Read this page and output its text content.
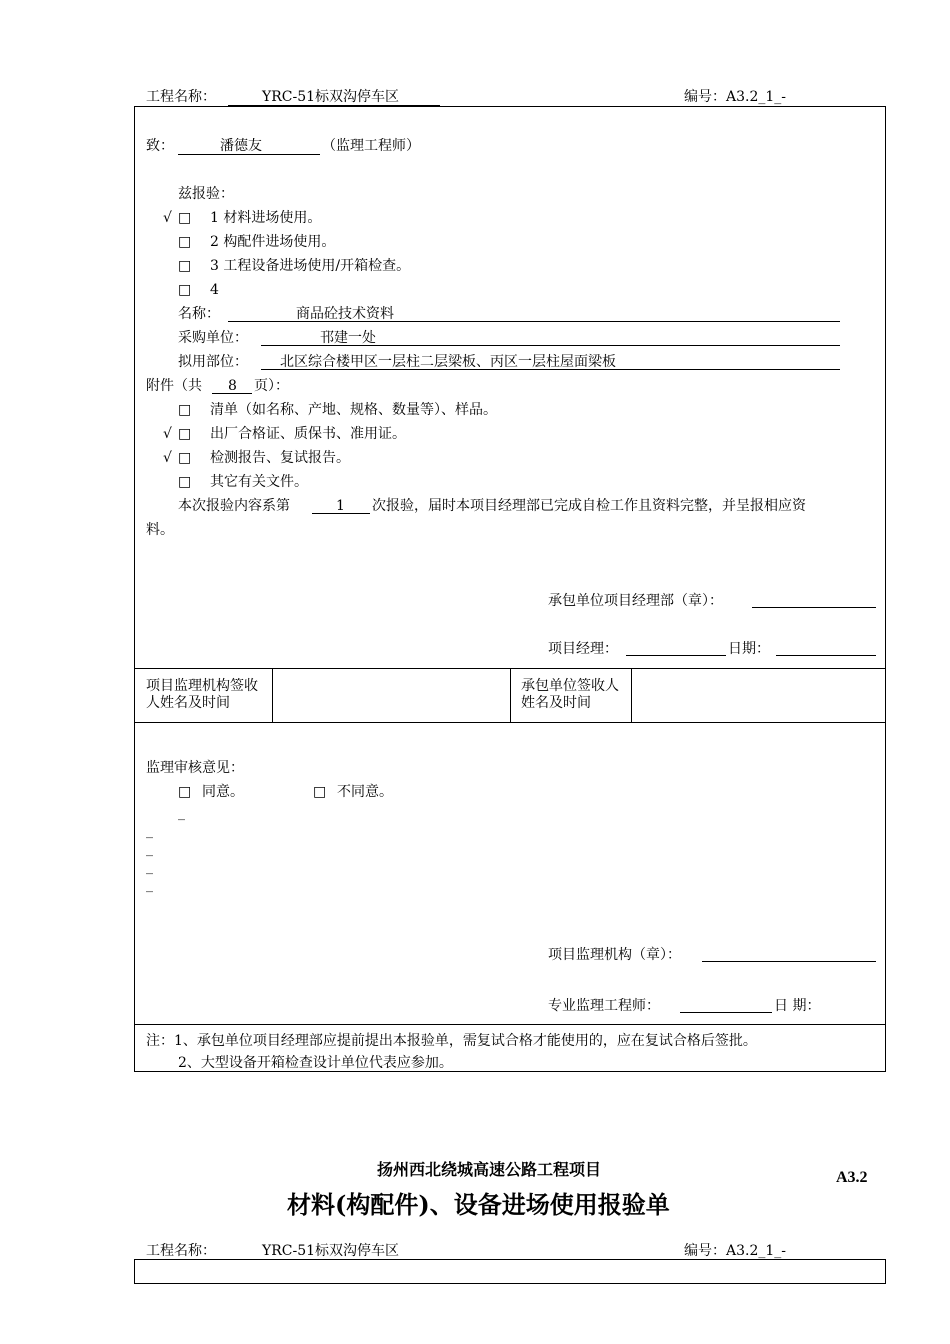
工程名称：	YRC-51标双沟停车区	编号：A3.2_1_-
致：	潘德友	（监理工程师）
兹报验：
√ □ 1 材料进场使用。
□ 2 构配件进场使用。
□ 3 工程设备进场使用/开箱检查。
□ 4
名称：	商品砼技术资料
采购单位：	邗建一处
拟用部位： 北区综合楼甲区一层柱二层梁板、丙区一层柱屋面梁板
附件（共 8 页）：
□ 清单（如名称、产地、规格、数量等）、样品。
√ □ 出厂合格证、质保书、准用证。
√ □ 检测报告、复试报告。
□ 其它有关文件。
本次报验内容系第	1 次报验，届时本项目经理部已完成自检工作且资料完整，并呈报相应资
料。
承包单位项目经理部（章）：
项目经理：	日期：
项目监理机构签收人姓名及时间
承包单位签收人姓名及时间
监理审核意见：
□ 同意。	□ 不同意。
_
_
_
_
_
项目监理机构（章）：
专业监理工程师：	日 期：
注：1、承包单位项目经理部应提前提出本报验单，需复试合格才能使用的，应在复试合格后签批。
2、大型设备开箱检查设计单位代表应参加。
扬州西北绕城高速公路工程项目	A3.2
材料(构配件)、设备进场使用报验单
工程名称：	YRC-51标双沟停车区	编号：A3.2_1_-
